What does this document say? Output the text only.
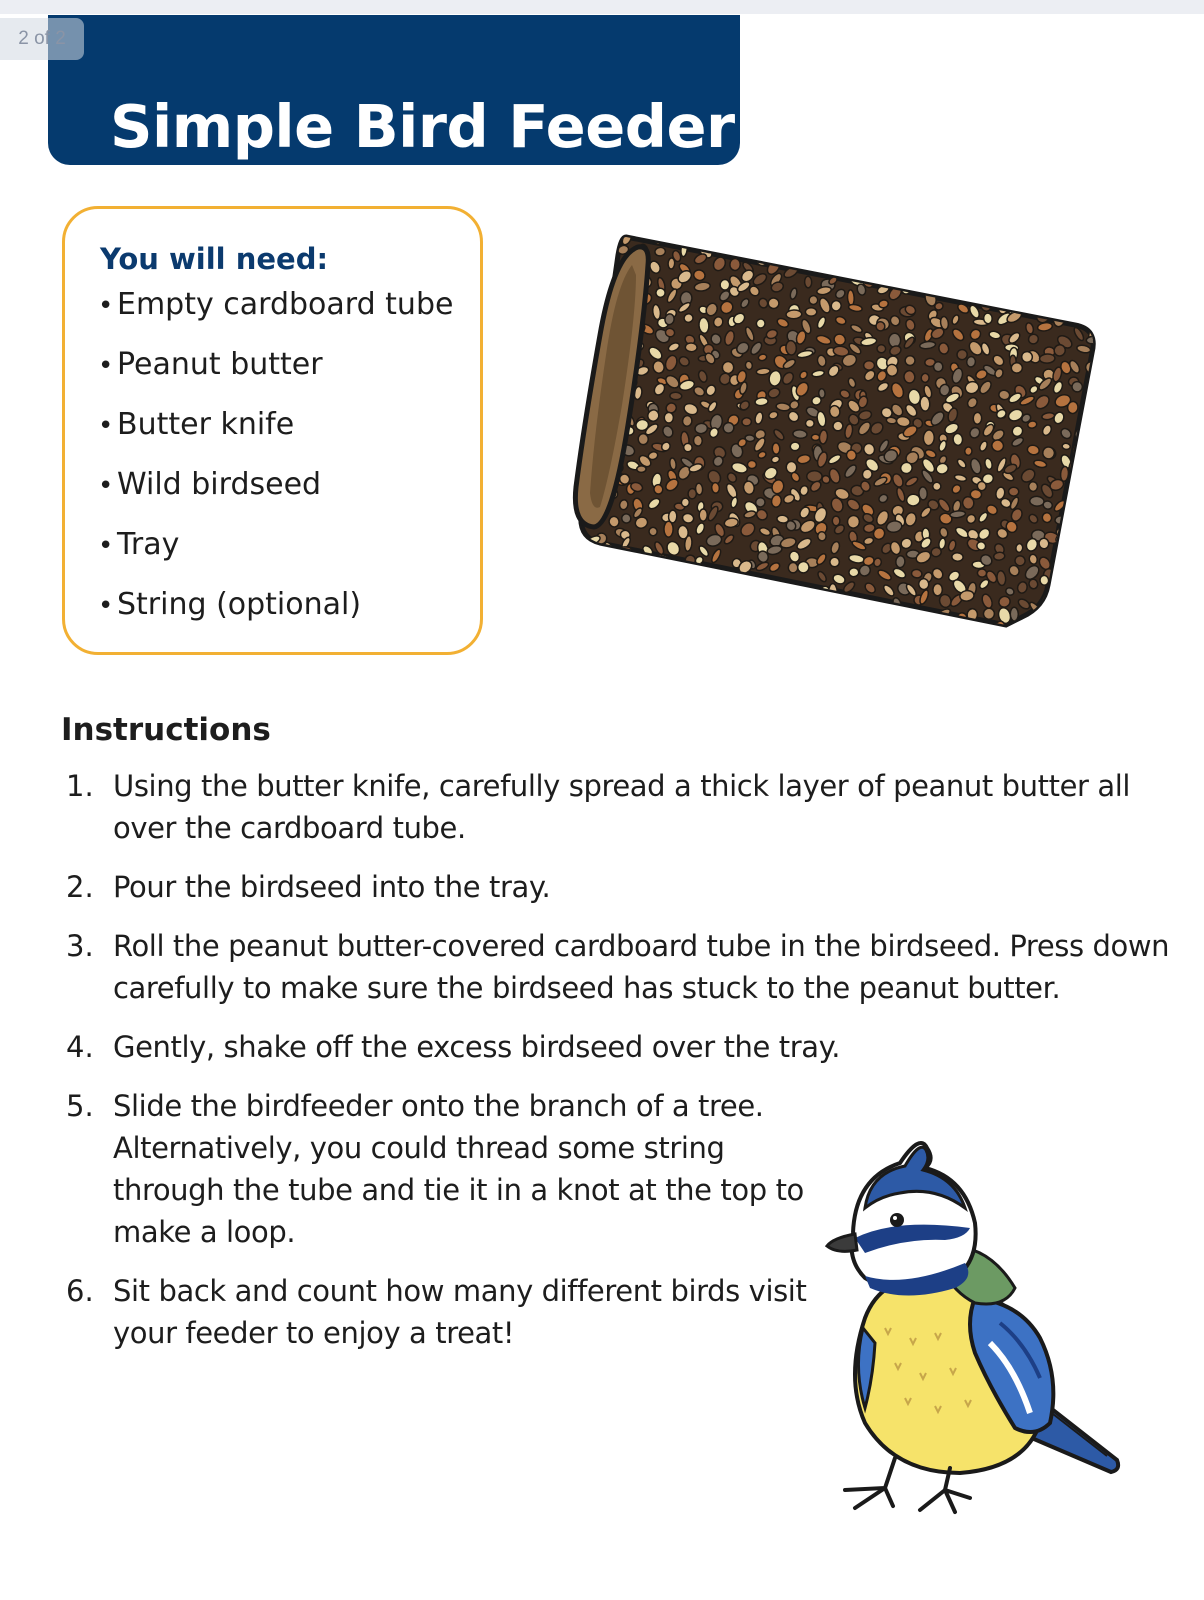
2 of 2
Simple Bird Feeder
You will need:
• Empty cardboard tube
• Peanut butter
• Butter knife
• Wild birdseed
• Tray
• String (optional)
Instructions
1. Using the butter knife, carefully spread a thick layer of peanut butter all over the cardboard tube.
2. Pour the birdseed into the tray.
3. Roll the peanut butter-covered cardboard tube in the birdseed. Press down carefully to make sure the birdseed has stuck to the peanut butter.
4. Gently, shake off the excess birdseed over the tray.
5. Slide the birdfeeder onto the branch of a tree. Alternatively, you could thread some string through the tube and tie it in a knot at the top to make a loop.
6. Sit back and count how many different birds visit your feeder to enjoy a treat!
